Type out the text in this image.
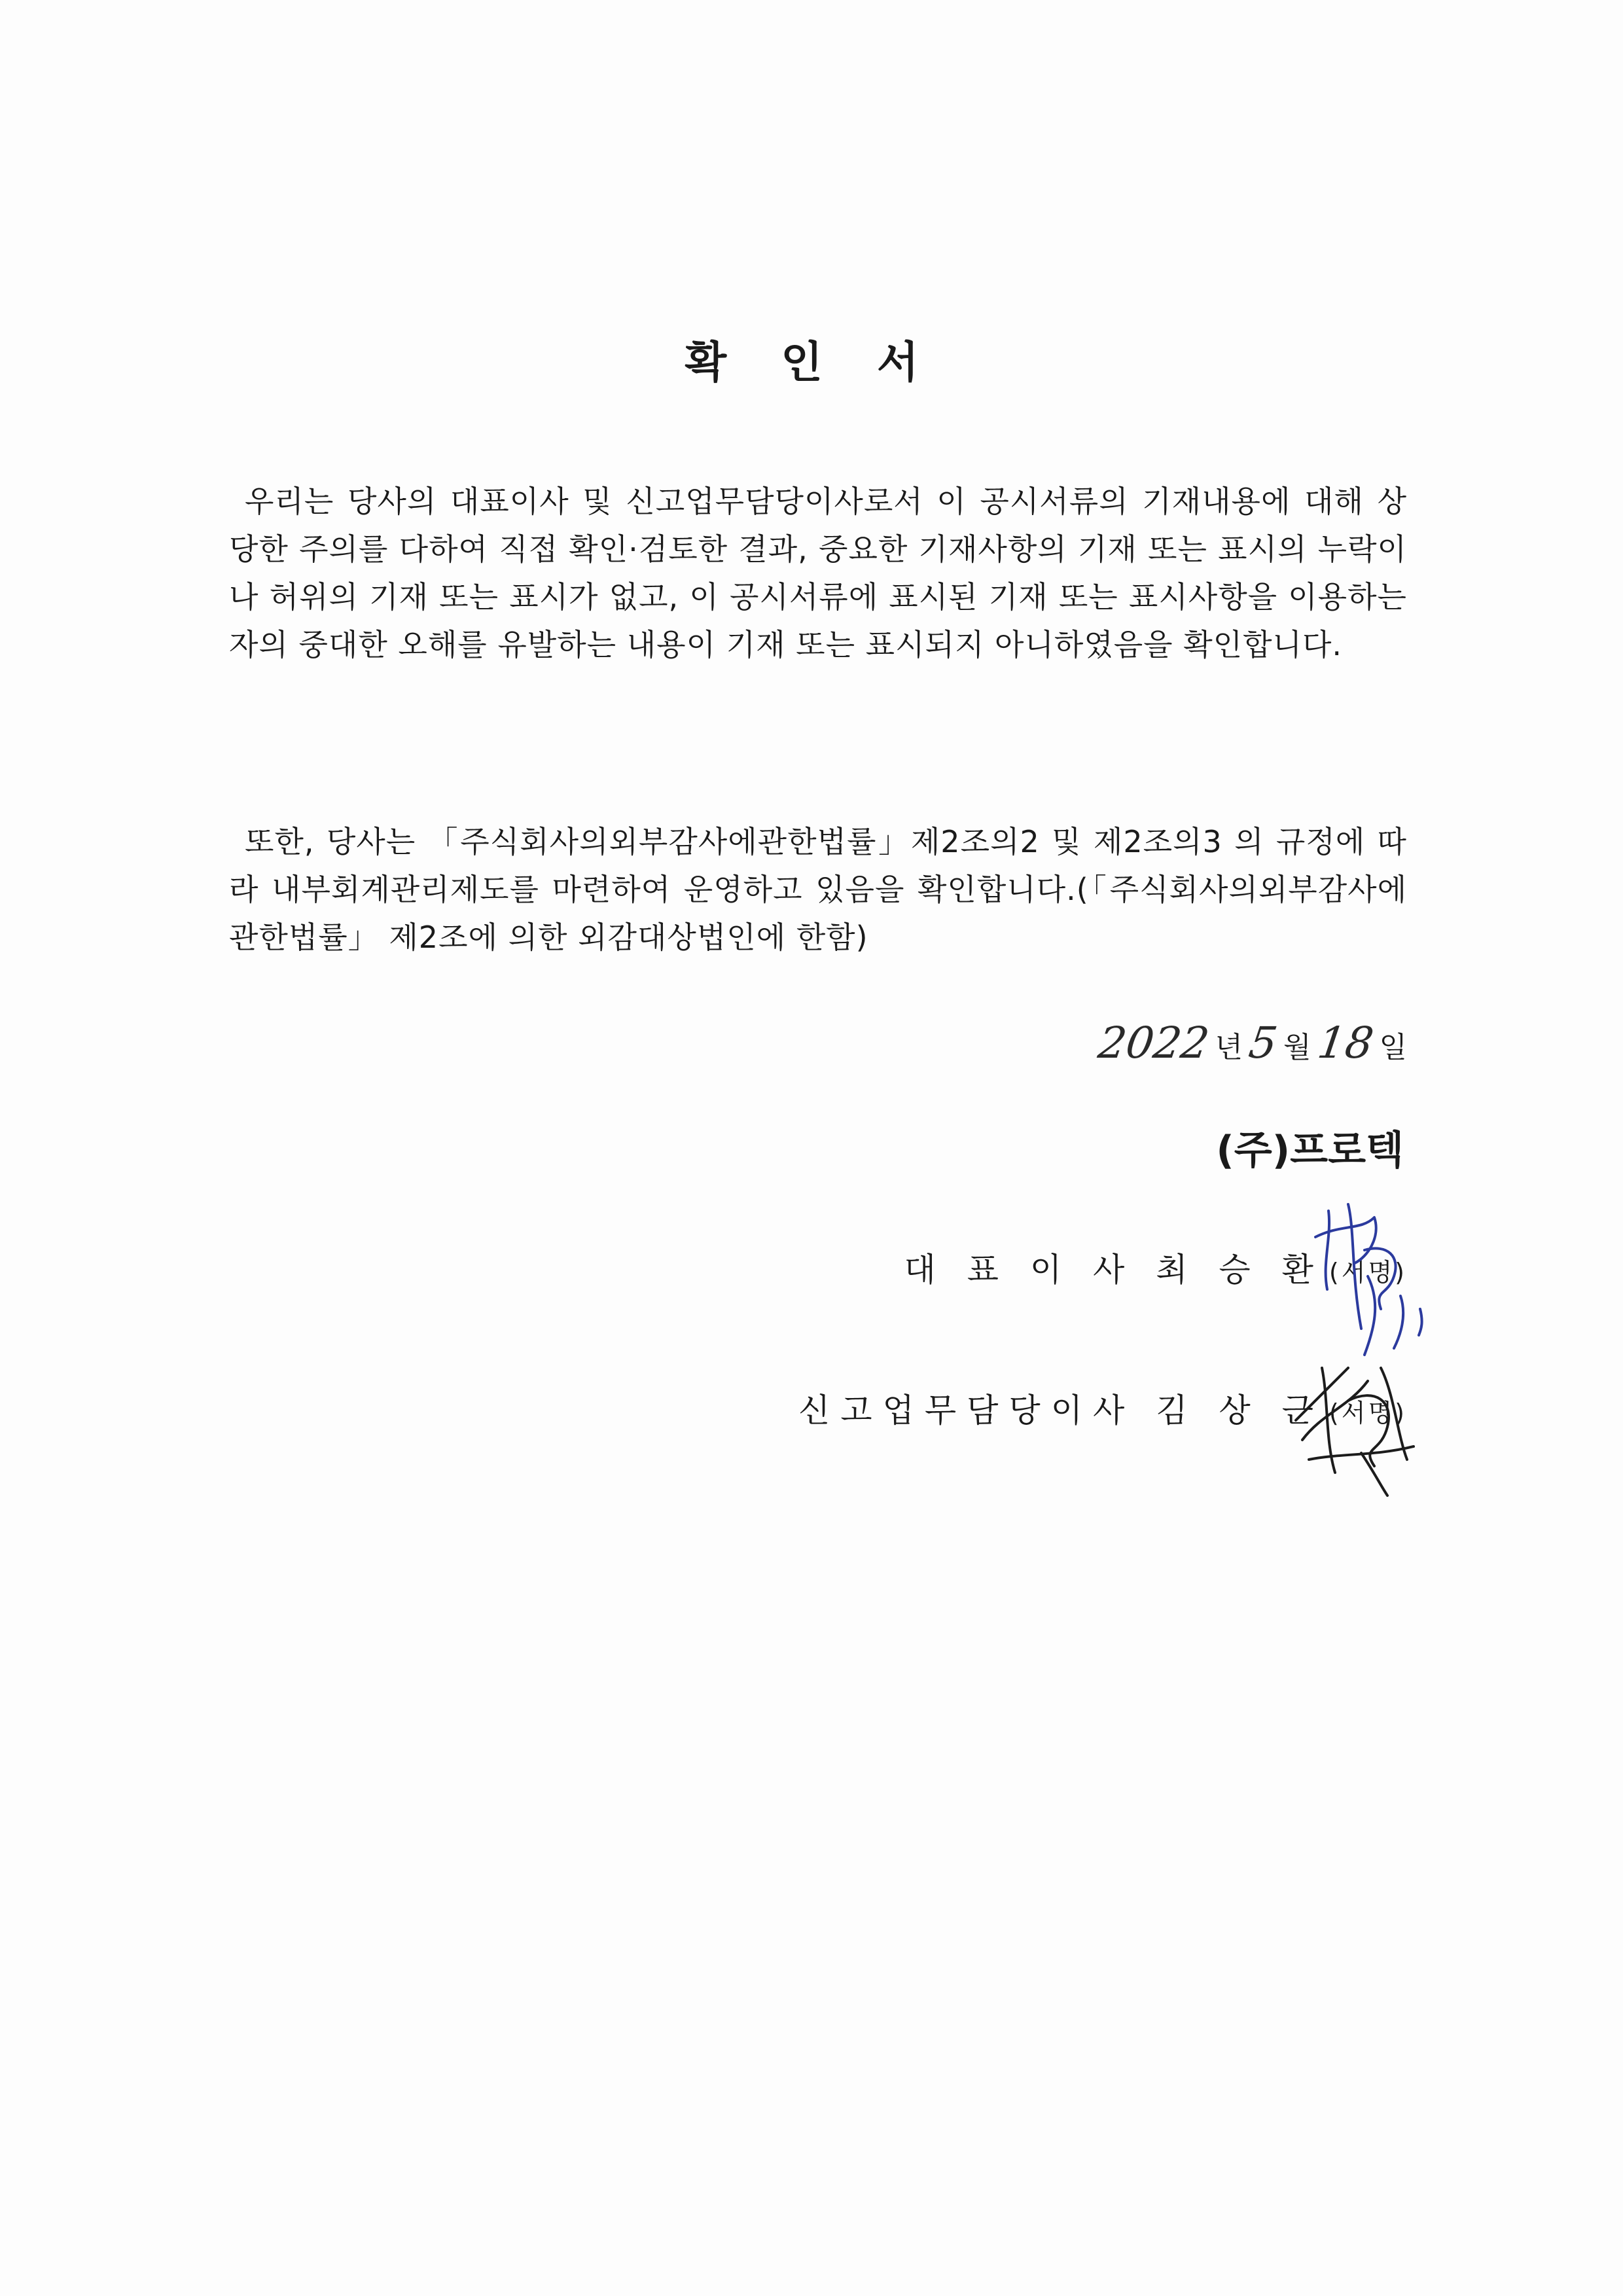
확 인 서
우리는 당사의 대표이사 및 신고업무담당이사로서 이 공시서류의 기재내용에 대해 상당한 주의를 다하여 직접 확인·검토한 결과, 중요한 기재사항의 기재 또는 표시의 누락이나 허위의 기재 또는 표시가 없고, 이 공시서류에 표시된 기재 또는 표시사항을 이용하는 자의 중대한 오해를 유발하는 내용이 기재 또는 표시되지 아니하였음을 확인합니다.
또한, 당사는 「주식회사의외부감사에관한법률」제2조의2 및 제2조의3 의 규정에 따라 내부회계관리제도를 마련하여 운영하고 있음을 확인합니다.(「주식회사의외부감사에 관한법률」 제2조에 의한 외감대상법인에 한함)
2022 년 5 월 18 일
(주)프로텍
대 표 이 사 최 승 환 (서명)
신고업무담당이사 김 상 근 (서명)
